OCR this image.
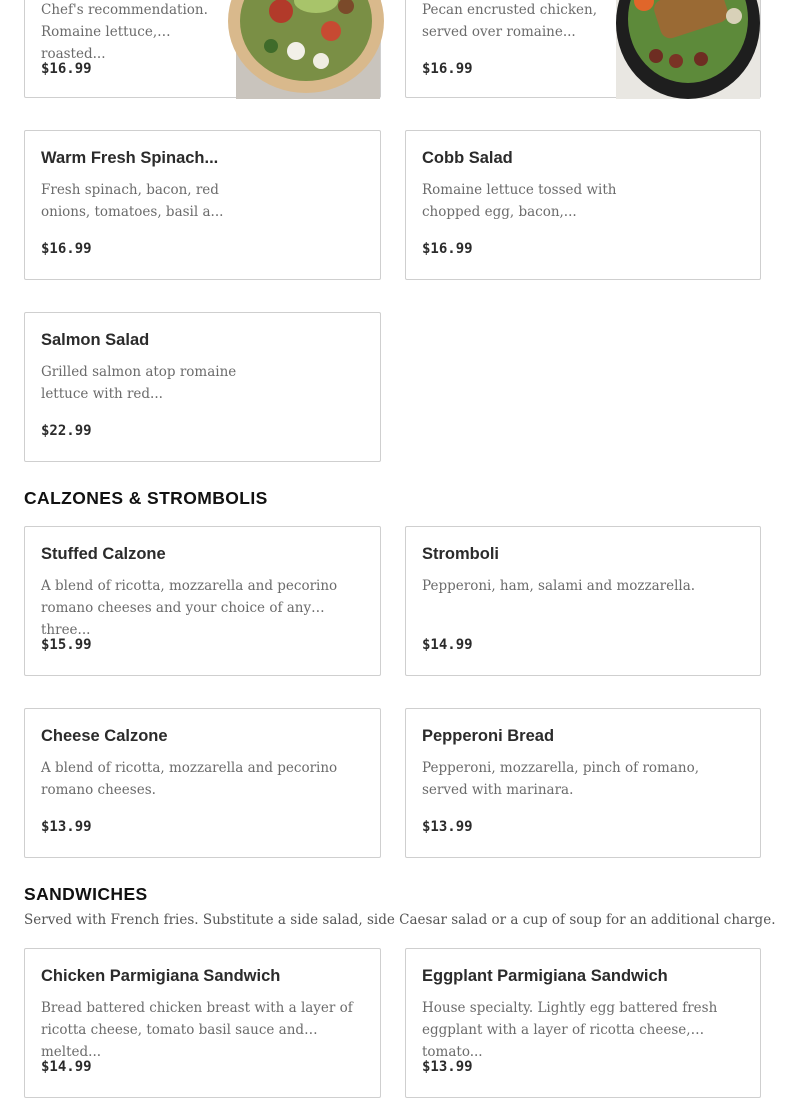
Chef's recommendation. Romaine lettuce, roasted...
$16.99
Pecan encrusted chicken, served over romaine...
$16.99
Warm Fresh Spinach...
Fresh spinach, bacon, red onions, tomatoes, basil a...
$16.99
Cobb Salad
Romaine lettuce tossed with chopped egg, bacon,...
$16.99
Salmon Salad
Grilled salmon atop romaine lettuce with red...
$22.99
CALZONES & STROMBOLIS
Stuffed Calzone
A blend of ricotta, mozzarella and pecorino romano cheeses and your choice of any three...
$15.99
Stromboli
Pepperoni, ham, salami and mozzarella.
$14.99
Cheese Calzone
A blend of ricotta, mozzarella and pecorino romano cheeses.
$13.99
Pepperoni Bread
Pepperoni, mozzarella, pinch of romano, served with marinara.
$13.99
SANDWICHES
Served with French fries. Substitute a side salad, side Caesar salad or a cup of soup for an additional charge.
Chicken Parmigiana Sandwich
Bread battered chicken breast with a layer of ricotta cheese, tomato basil sauce and melted...
$14.99
Eggplant Parmigiana Sandwich
House specialty. Lightly egg battered fresh eggplant with a layer of ricotta cheese, tomato...
$13.99
